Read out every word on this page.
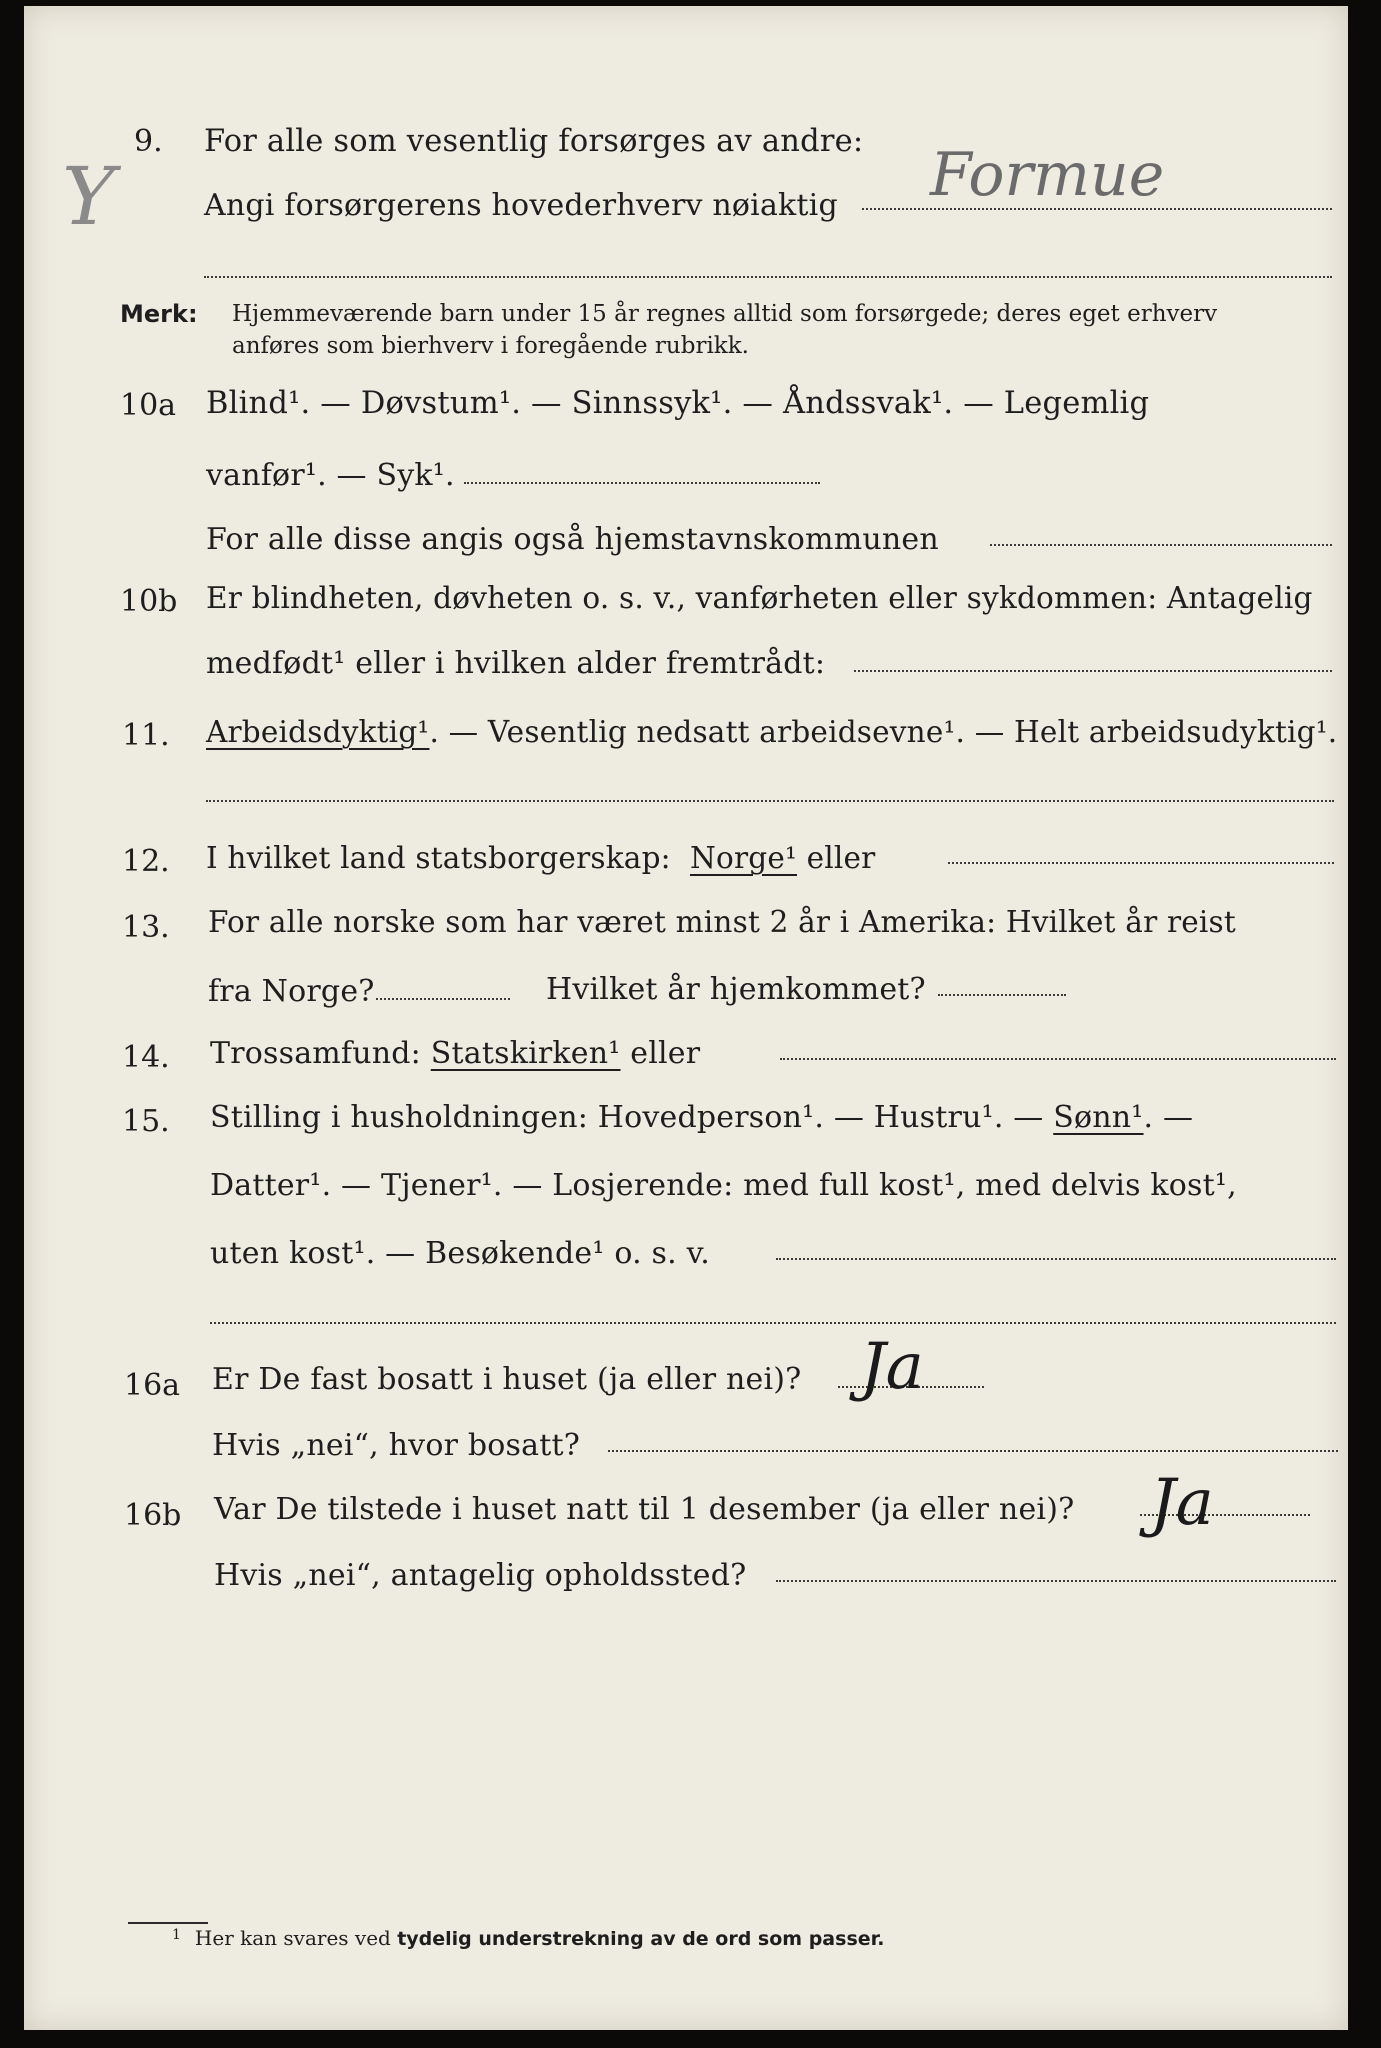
Y
9. For alle som vesentlig forsørges av andre:
Angi forsørgerens hovederhverv nøiaktig Formue
Merk: Hjemmeværende barn under 15 år regnes alltid som forsørgede; deres eget erhverv
anføres som bierhverv i foregående rubrikk.
10a Blind¹. — Døvstum¹. — Sinnssyk¹. — Åndssvak¹. — Legemlig
vanfør¹. — Syk¹.
For alle disse angis også hjemstavnskommunen
10b Er blindheten, døvheten o. s. v., vanførheten eller sykdommen: Antagelig
medfødt¹ eller i hvilken alder fremtrådt:
11. Arbeidsdyktig¹. — Vesentlig nedsatt arbeidsevne¹. — Helt arbeidsudyktig¹.
12. I hvilket land statsborgerskap: Norge¹ eller
13. For alle norske som har været minst 2 år i Amerika: Hvilket år reist
fra Norge?	Hvilket år hjemkommet?
14. Trossamfund: Statskirken¹ eller
15. Stilling i husholdningen: Hovedperson¹. — Hustru¹. — Sønn¹. —
Datter¹. — Tjener¹. — Losjerende: med full kost¹, med delvis kost¹,
uten kost¹. — Besøkende¹ o. s. v.
16a Er De fast bosatt i huset (ja eller nei)? Ja
Hvis „nei“, hvor bosatt?
16b Var De tilstede i huset natt til 1 desember (ja eller nei)? Ja
Hvis „nei“, antagelig opholdssted?
$^1$ Her kan svares ved tydelig understrekning av de ord som passer.
